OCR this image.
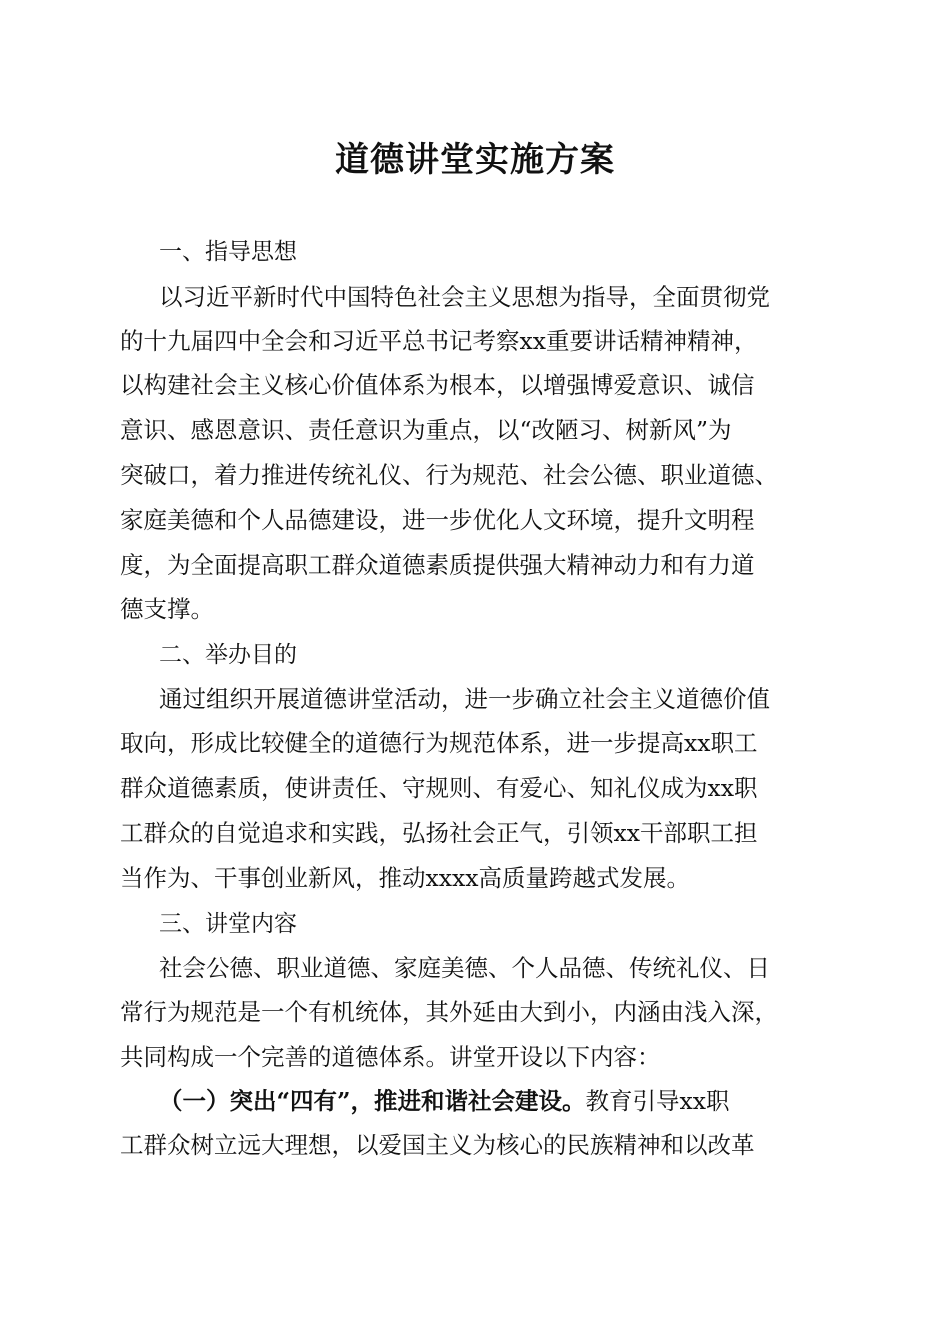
道德讲堂实施方案
一、指导思想
以习近平新时代中国特色社会主义思想为指导，全面贯彻党
的十九届四中全会和习近平总书记考察xx重要讲话精神精神，
以构建社会主义核心价值体系为根本，以增强博爱意识、诚信
意识、感恩意识、责任意识为重点，以“改陋习、树新风”为
突破口，着力推进传统礼仪、行为规范、社会公德、职业道德、
家庭美德和个人品德建设，进一步优化人文环境，提升文明程
度，为全面提高职工群众道德素质提供强大精神动力和有力道
德支撑。
二、举办目的
通过组织开展道德讲堂活动，进一步确立社会主义道德价值
取向，形成比较健全的道德行为规范体系，进一步提高xx职工
群众道德素质，使讲责任、守规则、有爱心、知礼仪成为xx职
工群众的自觉追求和实践，弘扬社会正气，引领xx干部职工担
当作为、干事创业新风，推动xxxx高质量跨越式发展。
三、讲堂内容
社会公德、职业道德、家庭美德、个人品德、传统礼仪、日
常行为规范是一个有机统体，其外延由大到小，内涵由浅入深，
共同构成一个完善的道德体系。讲堂开设以下内容：
（一）突出“四有”，推进和谐社会建设。教育引导xx职
工群众树立远大理想，以爱国主义为核心的民族精神和以改革
